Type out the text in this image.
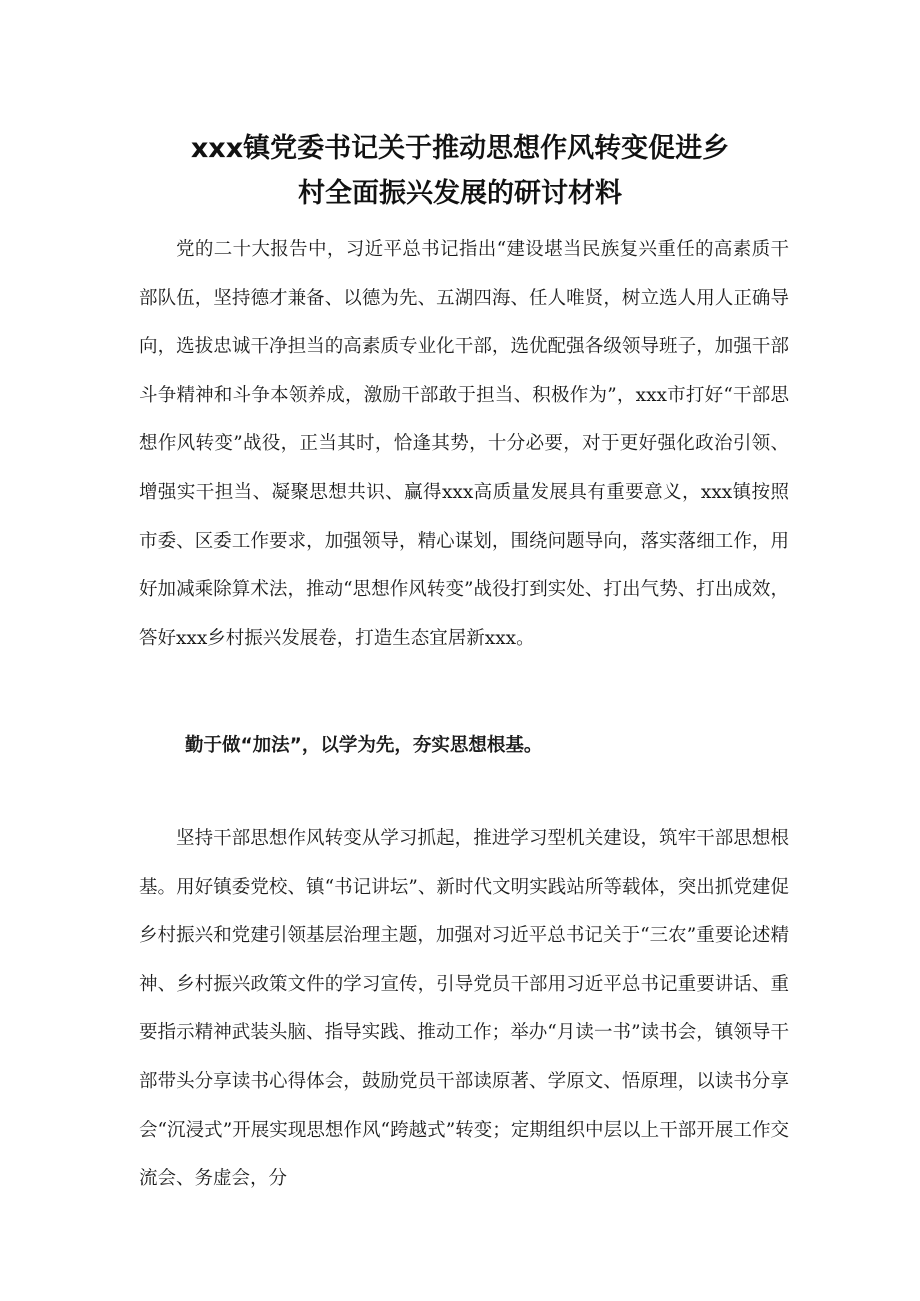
xxx镇党委书记关于推动思想作风转变促进乡
村全面振兴发展的研讨材料

党的二十大报告中，习近平总书记指出“建设堪当民族复兴重任的高素质干部队伍，坚持德才兼备、以德为先、五湖四海、任人唯贤，树立选人用人正确导向，选拔忠诚干净担当的高素质专业化干部，选优配强各级领导班子，加强干部斗争精神和斗争本领养成，激励干部敢于担当、积极作为”，xxx市打好“干部思想作风转变”战役，正当其时，恰逢其势，十分必要，对于更好强化政治引领、增强实干担当、凝聚思想共识、赢得xxx高质量发展具有重要意义，xxx镇按照市委、区委工作要求，加强领导，精心谋划，围绕问题导向，落实落细工作，用好加减乘除算术法，推动“思想作风转变”战役打到实处、打出气势、打出成效，答好xxx乡村振兴发展卷，打造生态宜居新xxx。

勤于做“加法”，以学为先，夯实思想根基。

坚持干部思想作风转变从学习抓起，推进学习型机关建设，筑牢干部思想根基。用好镇委党校、镇“书记讲坛”、新时代文明实践站所等载体，突出抓党建促乡村振兴和党建引领基层治理主题，加强对习近平总书记关于“三农”重要论述精神、乡村振兴政策文件的学习宣传，引导党员干部用习近平总书记重要讲话、重要指示精神武装头脑、指导实践、推动工作；举办“月读一书”读书会，镇领导干部带头分享读书心得体会，鼓励党员干部读原著、学原文、悟原理，以读书分享会“沉浸式”开展实现思想作风“跨越式”转变；定期组织中层以上干部开展工作交流会、务虚会，分
